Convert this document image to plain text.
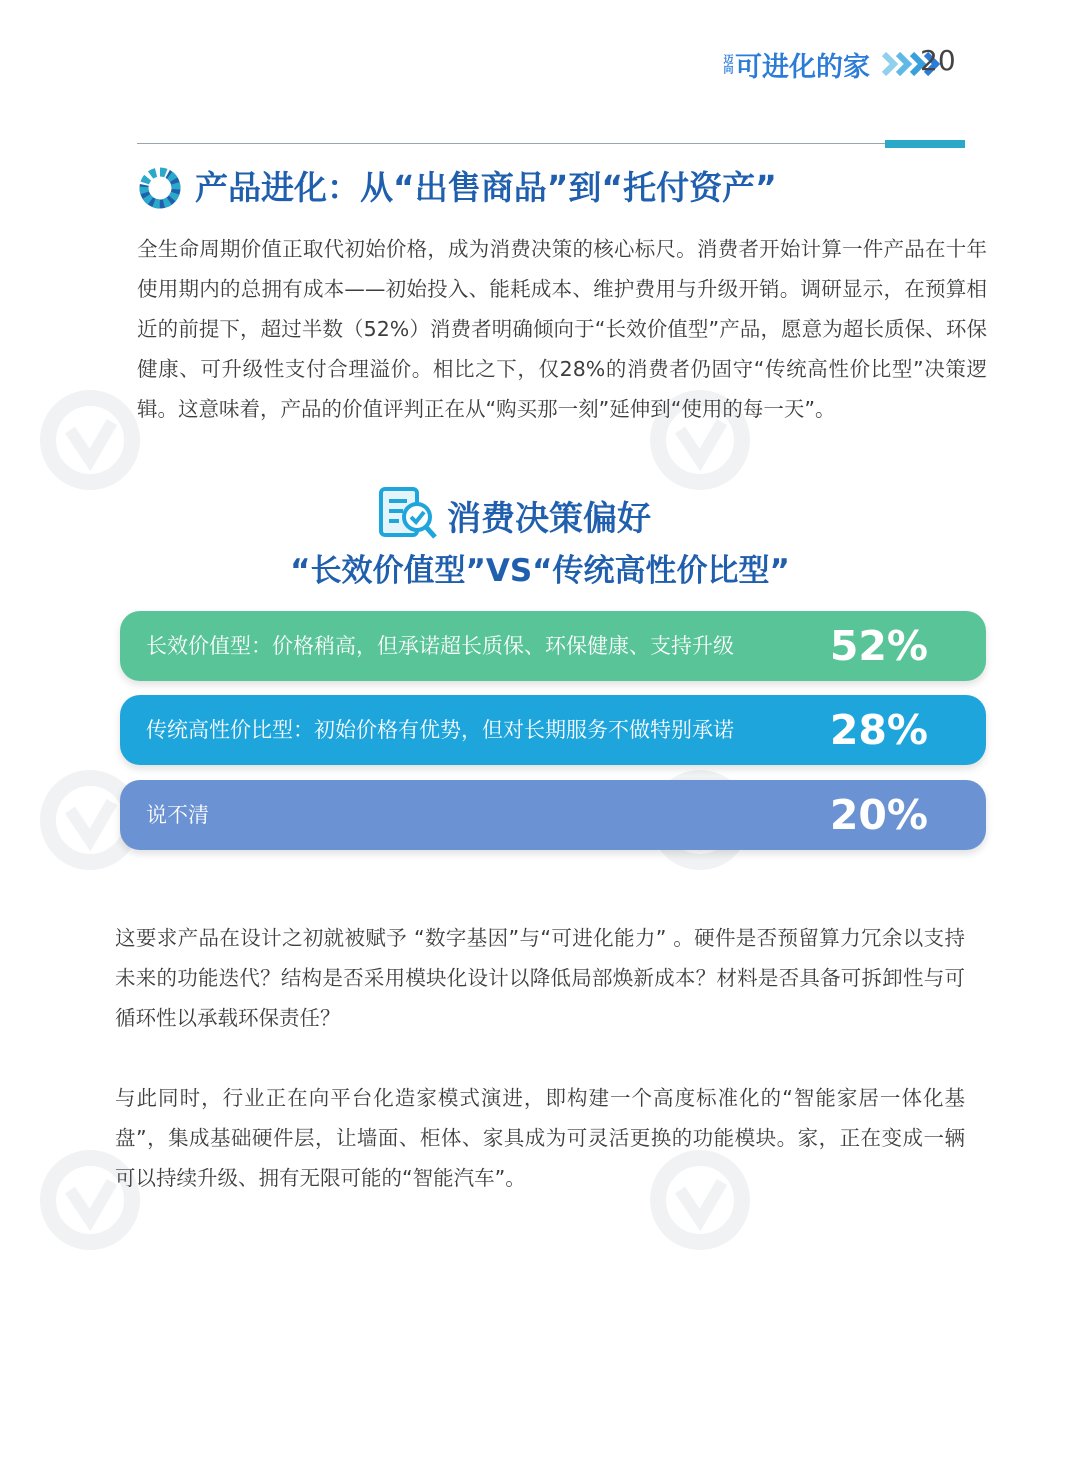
迈向 可进化的家 20
产品进化：从“出售商品”到“托付资产”
全生命周期价值正取代初始价格，成为消费决策的核心标尺。消费者开始计算一件产品在十年使用期内的总拥有成本——初始投入、能耗成本、维护费用与升级开销。调研显示，在预算相近的前提下，超过半数（52%）消费者明确倾向于“长效价值型”产品，愿意为超长质保、环保健康、可升级性支付合理溢价。相比之下，仅28%的消费者仍固守“传统高性价比型”决策逻辑。这意味着，产品的价值评判正在从“购买那一刻”延伸到“使用的每一天”。
消费决策偏好
“长效价值型”VS“传统高性价比型”
长效价值型：价格稍高，但承诺超长质保、环保健康、支持升级 52%
传统高性价比型：初始价格有优势，但对长期服务不做特别承诺 28%
说不清	20%
这要求产品在设计之初就被赋予 “数字基因”与“可进化能力” 。硬件是否预留算力冗余以支持未来的功能迭代？结构是否采用模块化设计以降低局部焕新成本？材料是否具备可拆卸性与可循环性以承载环保责任？
与此同时，行业正在向平台化造家模式演进，即构建一个高度标准化的“智能家居一体化基盘”，集成基础硬件层，让墙面、柜体、家具成为可灵活更换的功能模块。家，正在变成一辆可以持续升级、拥有无限可能的“智能汽车”。
